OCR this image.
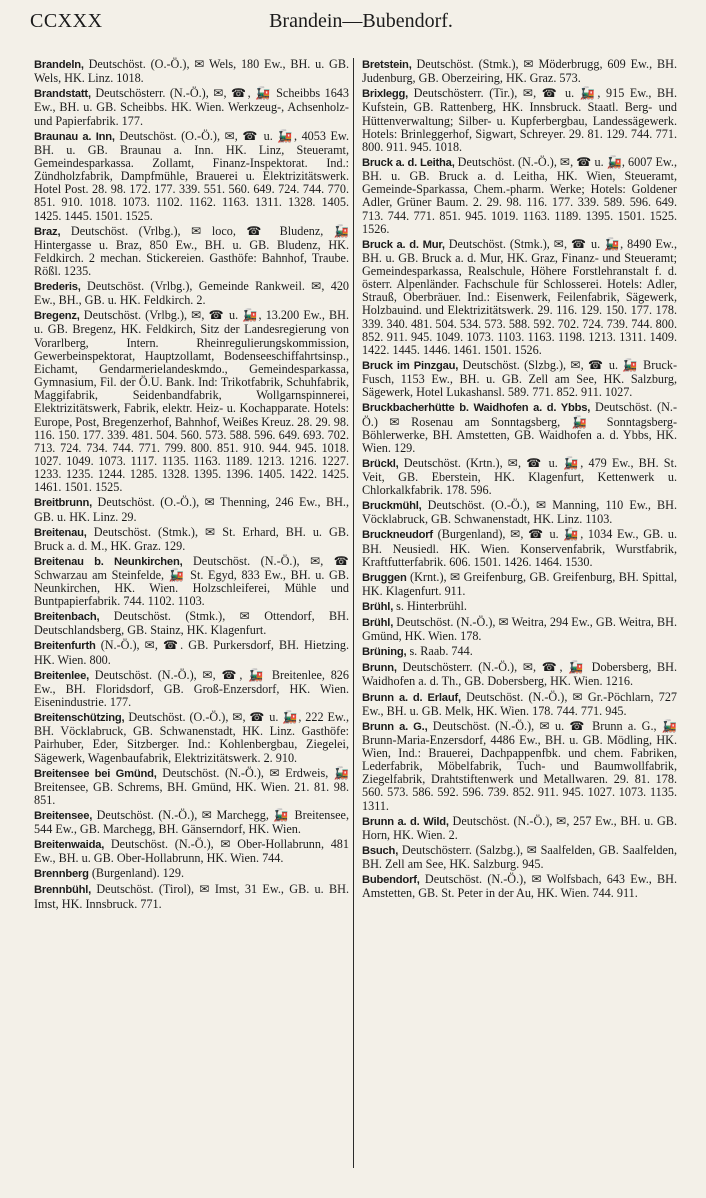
CCXXX	Brandein—Bubendorf.

Brandeln, Deutschöst. (O.-Ö.), ✉ Wels, 180 Ew., BH. u. GB. Wels, HK. Linz. 1018.

Brandstatt, Deutschösterr. (N.-Ö.), ✉, ☎, 🚂 Scheibbs 1643 Ew., BH. u. GB. Scheibbs. HK. Wien. Werkzeug-, Achsenholz- und Papierfabrik. 177.

Braunau a. Inn, Deutschöst. (O.-Ö.), ✉, ☎ u. 🚂, 4053 Ew. BH. u. GB. Braunau a. Inn. HK. Linz, Steueramt, Gemeindesparkassa. Zollamt, Finanz-Inspektorat. Ind.: Zündholzfabrik, Dampfmühle, Brauerei u. Elektrizitätswerk. Hotel Post. 28. 98. 172. 177. 339. 551. 560. 649. 724. 744. 770. 851. 910. 1018. 1073. 1102. 1162. 1163. 1311. 1328. 1405. 1425. 1445. 1501. 1525.

Braz, Deutschöst. (Vrlbg.), ✉ loco, ☎ Bludenz, 🚂 Hintergasse u. Braz, 850 Ew., BH. u. GB. Bludenz, HK. Feldkirch. 2 mechan. Stickereien. Gasthöfe: Bahnhof, Traube. Rößl. 1235.

Brederis, Deutschöst. (Vrlbg.), Gemeinde Rankweil. ✉, 420 Ew., BH., GB. u. HK. Feldkirch. 2.

Bregenz, Deutschöst. (Vrlbg.), ✉, ☎ u. 🚂, 13.200 Ew., BH. u. GB. Bregenz, HK. Feldkirch, Sitz der Landesregierung von Vorarlberg, Intern. Rheinregulierungskommission, Gewerbeinspektorat, Hauptzollamt, Bodenseeschiffahrtsinsp., Eichamt, Gendarmerielandeskmdo., Gemeindesparkassa, Gymnasium, Fil. der Ö.U. Bank. Ind: Trikotfabrik, Schuhfabrik, Maggifabrik, Seidenbandfabrik, Wollgarnspinnerei, Elektrizitätswerk, Fabrik, elektr. Heiz- u. Kochapparate. Hotels: Europe, Post, Bregenzerhof, Bahnhof, Weißes Kreuz. 28. 29. 98. 116. 150. 177. 339. 481. 504. 560. 573. 588. 596. 649. 693. 702. 713. 724. 734. 744. 771. 799. 800. 851. 910. 944. 945. 1018. 1027. 1049. 1073. 1117. 1135. 1163. 1189. 1213. 1216. 1227. 1233. 1235. 1244. 1285. 1328. 1395. 1396. 1405. 1422. 1425. 1461. 1501. 1525.

Breitbrunn, Deutschöst. (O.-Ö.), ✉ Thenning, 246 Ew., BH., GB. u. HK. Linz. 29.

Breitenau, Deutschöst. (Stmk.), ✉ St. Erhard, BH. u. GB. Bruck a. d. M., HK. Graz. 129.

Breitenau b. Neunkirchen, Deutschöst. (N.-Ö.), ✉, ☎ Schwarzau am Steinfelde, 🚂 St. Egyd, 833 Ew., BH. u. GB. Neunkirchen, HK. Wien. Holzschleiferei, Mühle und Buntpapierfabrik. 744. 1102. 1103.

Breitenbach, Deutschöst. (Stmk.), ✉ Ottendorf, BH. Deutschlandsberg, GB. Stainz, HK. Klagenfurt.

Breitenfurth (N.-Ö.), ✉, ☎. GB. Purkersdorf, BH. Hietzing. HK. Wien. 800.

Breitenlee, Deutschöst. (N.-Ö.), ✉, ☎, 🚂 Breitenlee, 826 Ew., BH. Floridsdorf, GB. Groß-Enzersdorf, HK. Wien. Eisenindustrie. 177.

Breitenschützing, Deutschöst. (O.-Ö.), ✉, ☎ u. 🚂, 222 Ew., BH. Vöcklabruck, GB. Schwanenstadt, HK. Linz. Gasthöfe: Pairhuber, Eder, Sitzberger. Ind.: Kohlenbergbau, Ziegelei, Sägewerk, Wagenbaufabrik, Elektrizitätswerk. 2. 910.

Breitensee bei Gmünd, Deutschöst. (N.-Ö.), ✉ Erdweis, 🚂 Breitensee, GB. Schrems, BH. Gmünd, HK. Wien. 21. 81. 98. 851.

Breitensee, Deutschöst. (N.-Ö.), ✉ Marchegg, 🚂 Breitensee, 544 Ew., GB. Marchegg, BH. Gänserndorf, HK. Wien.

Breitenwaida, Deutschöst. (N.-Ö.), ✉ Ober-Hollabrunn, 481 Ew., BH. u. GB. Ober-Hollabrunn, HK. Wien. 744.

Brennberg (Burgenland). 129.

Brennbühl, Deutschöst. (Tirol), ✉ Imst, 31 Ew., GB. u. BH. Imst, HK. Innsbruck. 771.

Bretstein, Deutschöst. (Stmk.), ✉ Möderbrugg, 609 Ew., BH. Judenburg, GB. Oberzeiring, HK. Graz. 573.

Brixlegg, Deutschösterr. (Tir.), ✉, ☎ u. 🚂, 915 Ew., BH. Kufstein, GB. Rattenberg, HK. Innsbruck. Staatl. Berg- und Hüttenverwaltung; Silber- u. Kupferbergbau, Landessägewerk. Hotels: Brinleggerhof, Sigwart, Schreyer. 29. 81. 129. 744. 771. 800. 911. 945. 1018.

Bruck a. d. Leitha, Deutschöst. (N.-Ö.), ✉, ☎ u. 🚂, 6007 Ew., BH. u. GB. Bruck a. d. Leitha, HK. Wien, Steueramt, Gemeinde-Sparkassa, Chem.-pharm. Werke; Hotels: Goldener Adler, Grüner Baum. 2. 29. 98. 116. 177. 339. 589. 596. 649. 713. 744. 771. 851. 945. 1019. 1163. 1189. 1395. 1501. 1525. 1526.

Bruck a. d. Mur, Deutschöst. (Stmk.), ✉, ☎ u. 🚂, 8490 Ew., BH. u. GB. Bruck a. d. Mur, HK. Graz, Finanz- und Steueramt; Gemeindesparkassa, Realschule, Höhere Forstlehranstalt f. d. österr. Alpenländer. Fachschule für Schlosserei. Hotels: Adler, Strauß, Oberbräuer. Ind.: Eisenwerk, Feilenfabrik, Sägewerk, Holzbauind. und Elektrizitätswerk. 29. 116. 129. 150. 177. 178. 339. 340. 481. 504. 534. 573. 588. 592. 702. 724. 739. 744. 800. 852. 911. 945. 1049. 1073. 1103. 1163. 1198. 1213. 1311. 1409. 1422. 1445. 1446. 1461. 1501. 1526.

Bruck im Pinzgau, Deutschöst. (Slzbg.), ✉, ☎ u. 🚂 Bruck-Fusch, 1153 Ew., BH. u. GB. Zell am See, HK. Salzburg, Sägewerk, Hotel Lukashansl. 589. 771. 852. 911. 1027.

Bruckbacherhütte b. Waidhofen a. d. Ybbs, Deutschöst. (N.-Ö.) ✉ Rosenau am Sonntagsberg, 🚂 Sonntagsberg-Böhlerwerke, BH. Amstetten, GB. Waidhofen a. d. Ybbs, HK. Wien. 129.

Brückl, Deutschöst. (Krtn.), ✉, ☎ u. 🚂, 479 Ew., BH. St. Veit, GB. Eberstein, HK. Klagenfurt, Kettenwerk u. Chlorkalkfabrik. 178. 596.

Bruckmühl, Deutschöst. (O.-Ö.), ✉ Manning, 110 Ew., BH. Vöcklabruck, GB. Schwanenstadt, HK. Linz. 1103.

Bruckneudorf (Burgenland), ✉, ☎ u. 🚂, 1034 Ew., GB. u. BH. Neusiedl. HK. Wien. Konservenfabrik, Wurstfabrik, Kraftfutterfabrik. 606. 1501. 1426. 1464. 1530.

Bruggen (Krnt.), ✉ Greifenburg, GB. Greifenburg, BH. Spittal, HK. Klagenfurt. 911.

Brühl, s. Hinterbrühl.

Brühl, Deutschöst. (N.-Ö.), ✉ Weitra, 294 Ew., GB. Weitra, BH. Gmünd, HK. Wien. 178.

Brüning, s. Raab. 744.

Brunn, Deutschösterr. (N.-Ö.), ✉, ☎, 🚂 Dobersberg, BH. Waidhofen a. d. Th., GB. Dobersberg, HK. Wien. 1216.

Brunn a. d. Erlauf, Deutschöst. (N.-Ö.), ✉ Gr.-Pöchlarn, 727 Ew., BH. u. GB. Melk, HK. Wien. 178. 744. 771. 945.

Brunn a. G., Deutschöst. (N.-Ö.), ✉ u. ☎ Brunn a. G., 🚂 Brunn-Maria-Enzersdorf, 4486 Ew., BH. u. GB. Mödling, HK. Wien, Ind.: Brauerei, Dachpappenfbk. und chem. Fabriken, Lederfabrik, Möbelfabrik, Tuch- und Baumwollfabrik, Ziegelfabrik, Drahtstiftenwerk und Metallwaren. 29. 81. 178. 560. 573. 586. 592. 596. 739. 852. 911. 945. 1027. 1073. 1135. 1311.

Brunn a. d. Wild, Deutschöst. (N.-Ö.), ✉, 257 Ew., BH. u. GB. Horn, HK. Wien. 2.

Bsuch, Deutschösterr. (Salzbg.), ✉ Saalfelden, GB. Saalfelden, BH. Zell am See, HK. Salzburg. 945.

Bubendorf, Deutschöst. (N.-Ö.), ✉ Wolfsbach, 643 Ew., BH. Amstetten, GB. St. Peter in der Au, HK. Wien. 744. 911.
